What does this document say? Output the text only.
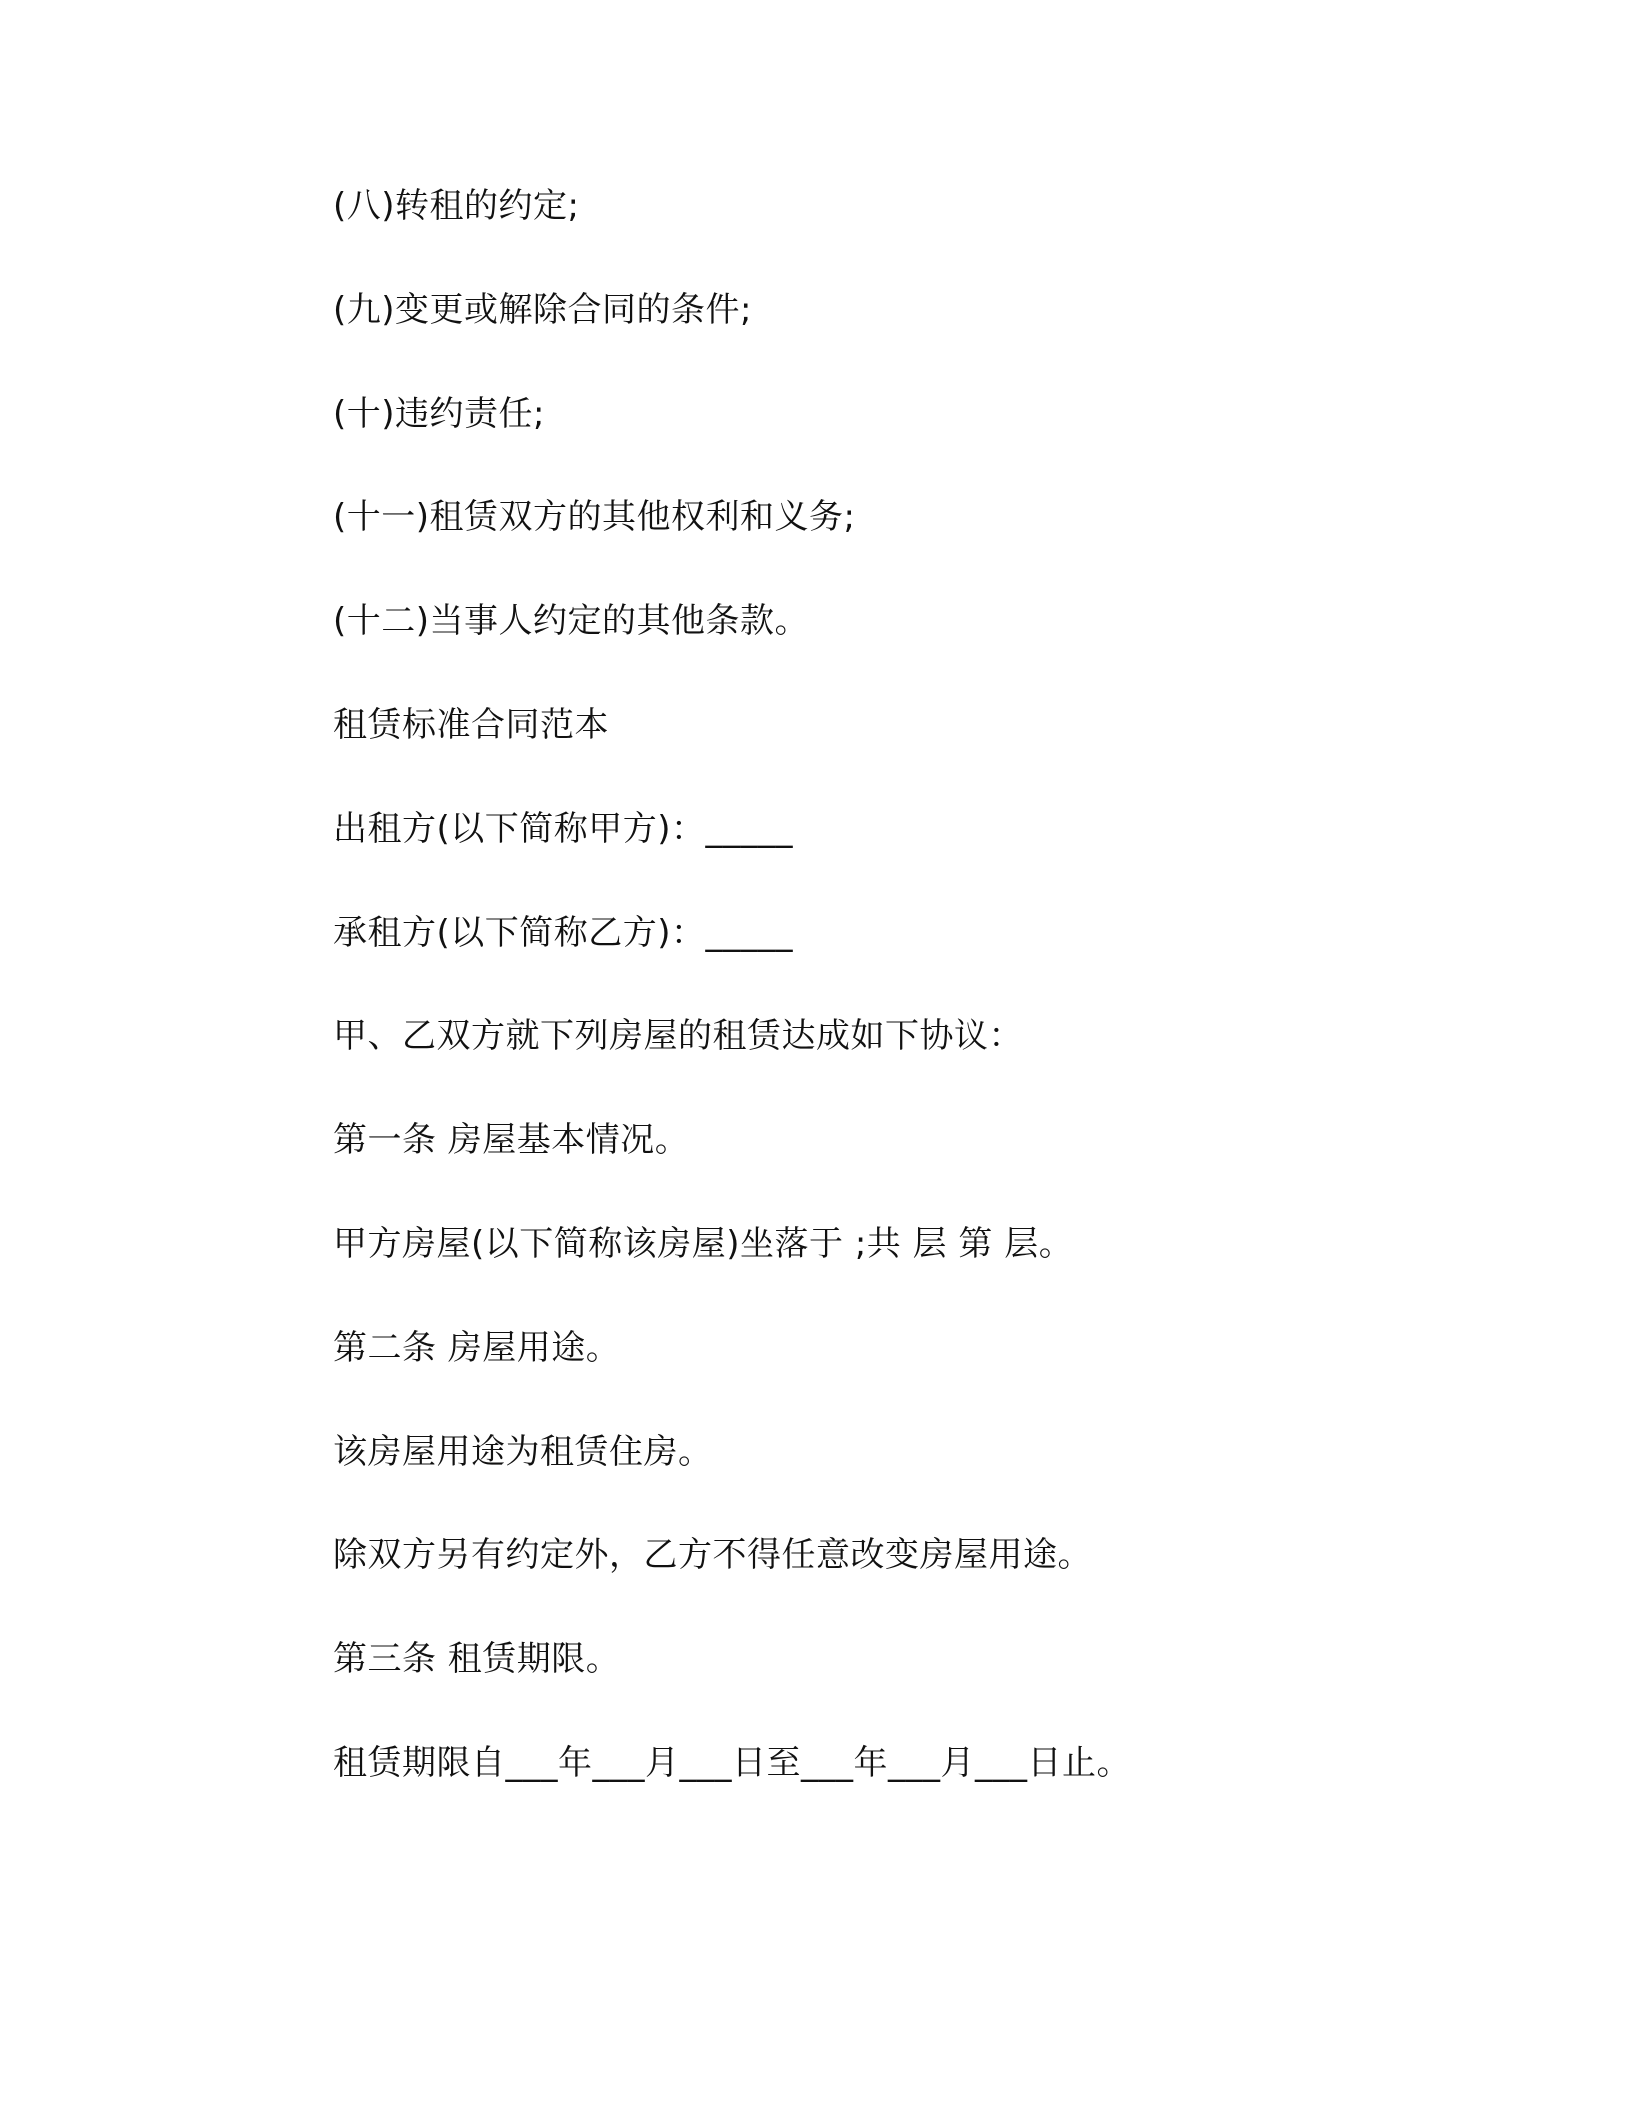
(八)转租的约定;

(九)变更或解除合同的条件;

(十)违约责任;

(十一)租赁双方的其他权利和义务;

(十二)当事人约定的其他条款。

租赁标准合同范本

出租方(以下简称甲方)：_____

承租方(以下简称乙方)：_____

甲、乙双方就下列房屋的租赁达成如下协议：

第一条 房屋基本情况。

甲方房屋(以下简称该房屋)坐落于 ;共 层 第 层。

第二条 房屋用途。

该房屋用途为租赁住房。

除双方另有约定外，乙方不得任意改变房屋用途。

第三条 租赁期限。

租赁期限自___年___月___日至___年___月___日止。
